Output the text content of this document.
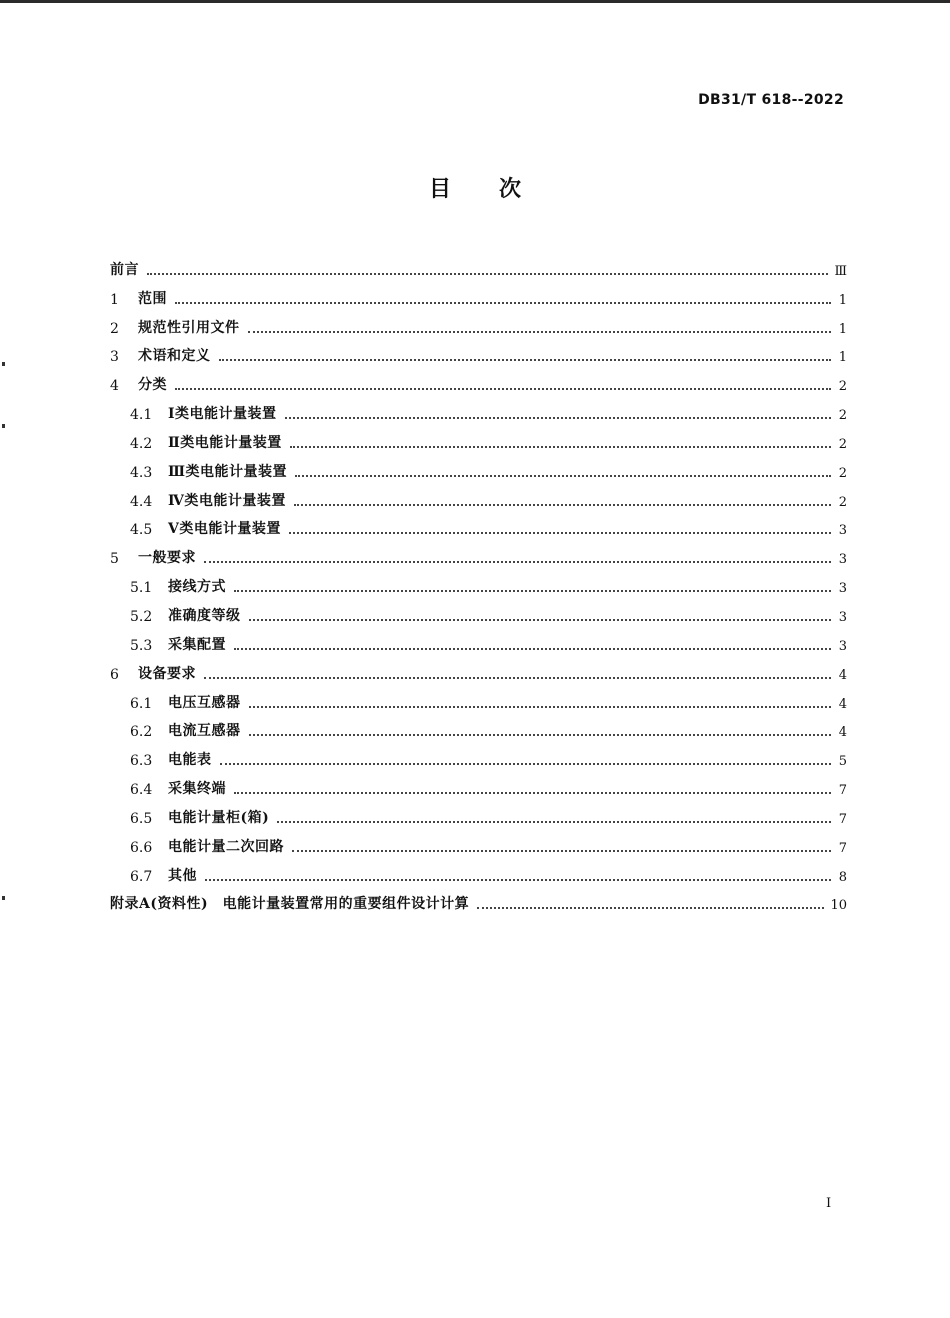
DB31/T 618--2022
目 次
前言	Ⅲ
1	范围	1
2	规范性引用文件	1
3	术语和定义	1
4	分类	2
4.1	Ⅰ类电能计量装置	2
4.2	Ⅱ类电能计量装置	2
4.3	Ⅲ类电能计量装置	2
4.4	Ⅳ类电能计量装置	2
4.5	Ⅴ类电能计量装置	3
5	一般要求	3
5.1	接线方式	3
5.2	准确度等级	3
5.3	采集配置	3
6	设备要求	4
6.1	电压互感器	4
6.2	电流互感器	4
6.3	电能表	5
6.4	采集终端	7
6.5	电能计量柜(箱)	7
6.6	电能计量二次回路	7
6.7	其他	8
附录A(资料性)　电能计量装置常用的重要组件设计计算	10
I
